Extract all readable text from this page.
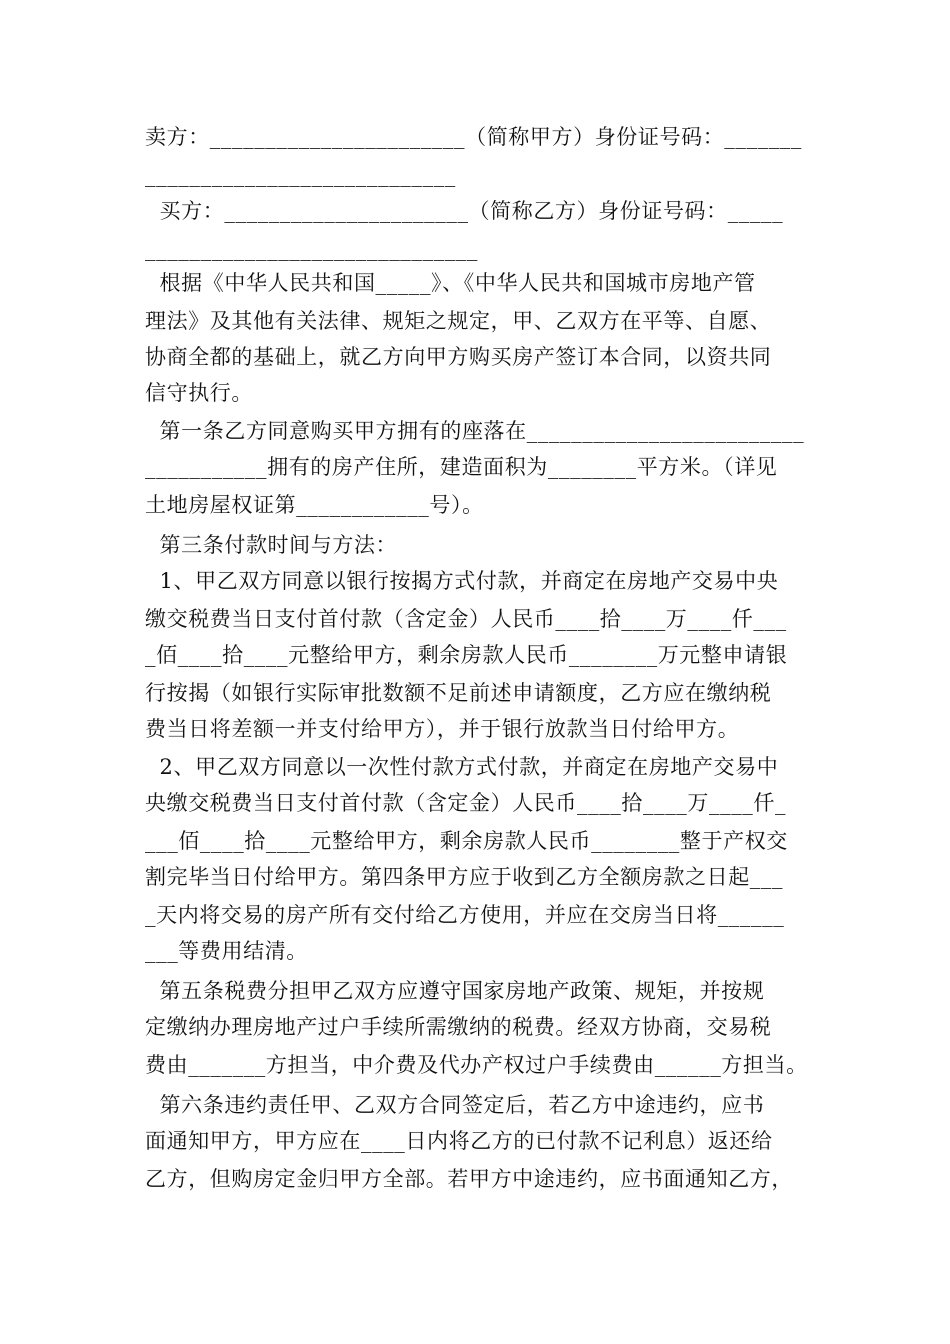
卖方：_______________________（简称甲方）身份证号码：_______
____________________________
买方：______________________（简称乙方）身份证号码：_____
______________________________
根据《中华人民共和国_____》、《中华人民共和国城市房地产管
理法》及其他有关法律、规矩之规定，甲、乙双方在平等、自愿、
协商全都的基础上，就乙方向甲方购买房产签订本合同，以资共同
信守执行。
第一条乙方同意购买甲方拥有的座落在_________________________
___________拥有的房产住所，建造面积为________平方米。（详见
土地房屋权证第____________号）。
第三条付款时间与方法：
1、甲乙双方同意以银行按揭方式付款，并商定在房地产交易中央
缴交税费当日支付首付款（含定金）人民币____拾____万____仟___
_佰____拾____元整给甲方，剩余房款人民币________万元整申请银
行按揭（如银行实际审批数额不足前述申请额度，乙方应在缴纳税
费当日将差额一并支付给甲方），并于银行放款当日付给甲方。
2、甲乙双方同意以一次性付款方式付款，并商定在房地产交易中
央缴交税费当日支付首付款（含定金）人民币____拾____万____仟_
___佰____拾____元整给甲方，剩余房款人民币________整于产权交
割完毕当日付给甲方。第四条甲方应于收到乙方全额房款之日起___
_天内将交易的房产所有交付给乙方使用，并应在交房当日将______
___等费用结清。
第五条税费分担甲乙双方应遵守国家房地产政策、规矩，并按规
定缴纳办理房地产过户手续所需缴纳的税费。经双方协商，交易税
费由_______方担当，中介费及代办产权过户手续费由______方担当。
第六条违约责任甲、乙双方合同签定后，若乙方中途违约，应书
面通知甲方，甲方应在____日内将乙方的已付款不记利息）返还给
乙方，但购房定金归甲方全部。若甲方中途违约，应书面通知乙方，
